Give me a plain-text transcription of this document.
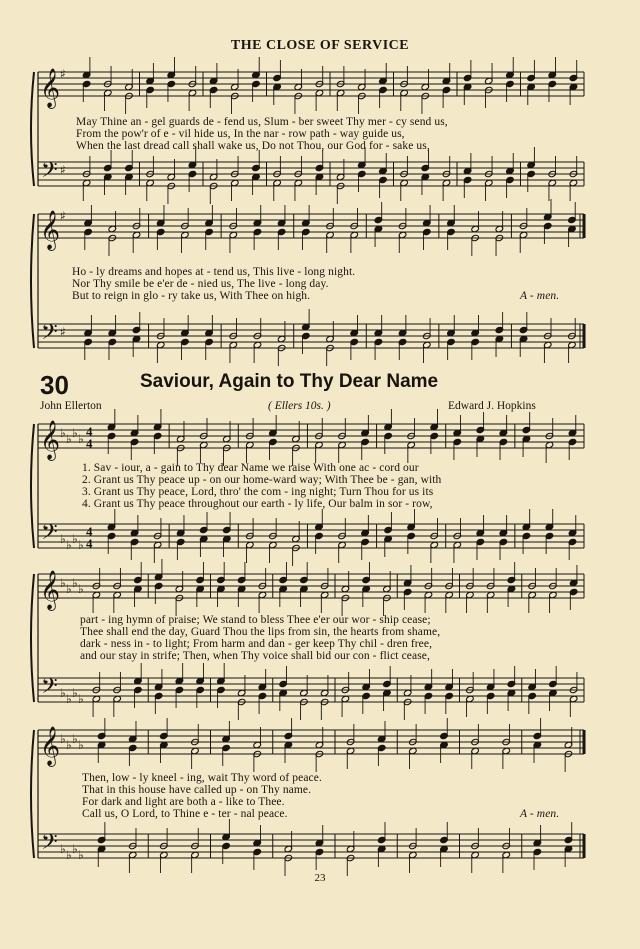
THE CLOSE OF SERVICE
𝄞
𝄢
♯
♯
𝄞
𝄢
♯
♯
𝄞
𝄢
♭ ♭ ♭ ♭
♭ ♭ ♭ ♭
4
4
4
4
𝄞
𝄢
♭ ♭ ♭ ♭
♭ ♭ ♭ ♭
𝄞
𝄢
♭ ♭ ♭ ♭
♭ ♭ ♭ ♭
May Thine an - gel guards de - fend us, Slum - ber sweet Thy mer - cy send us,
From the pow'r of e - vil hide us, In the nar - row path - way guide us,
When the last dread call shall wake us, Do not Thou, our God for - sake us,
Ho - ly dreams and hopes at - tend us, This live - long night.
Nor Thy smile be e'er de - nied us, The live - long day.
But to reign in glo - ry take us, With Thee on high.	A - men.
30	Saviour, Again to Thy Dear Name
John Ellerton	( Ellers 10s. )	Edward J. Hopkins
1. Sav - iour, a - gain to Thy dear Name we raise With one ac - cord our
2. Grant us Thy peace up - on our home-ward way; With Thee be - gan, with
3. Grant us Thy peace, Lord, thro' the com - ing night; Turn Thou for us its
4. Grant us Thy peace throughout our earth - ly life, Our balm in sor - row,
part - ing hymn of praise; We stand to bless Thee e'er our wor - ship cease;
Thee shall end the day, Guard Thou the lips from sin, the hearts from shame,
dark - ness in - to light; From harm and dan - ger keep Thy chil - dren free,
and our stay in strife; Then, when Thy voice shall bid our con - flict cease,
Then, low - ly kneel - ing, wait Thy word of peace.
That in this house have called up - on Thy name.
For dark and light are both a - like to Thee.
Call us, O Lord, to Thine e - ter - nal peace.	A - men.
23
